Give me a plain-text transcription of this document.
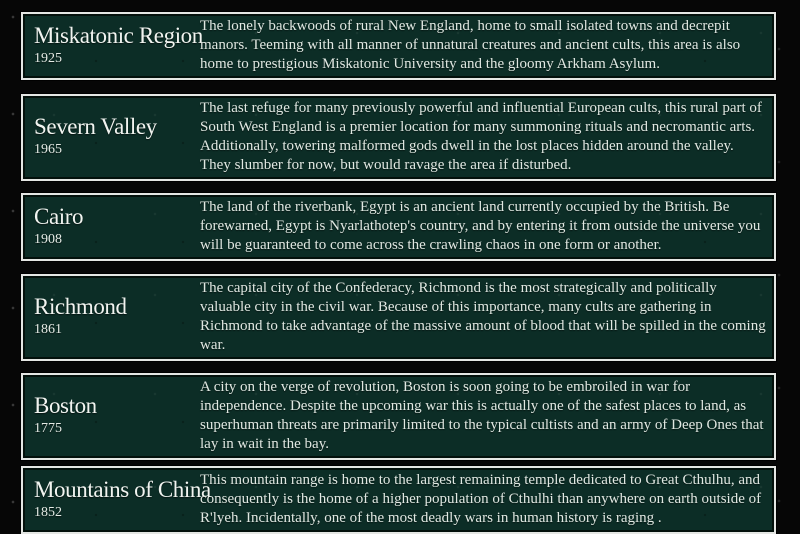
Miskatonic Region
1925
The lonely backwoods of rural New England, home to small isolated towns and decrepit manors. Teeming with all manner of unnatural creatures and ancient cults, this area is also home to prestigious Miskatonic University and the gloomy Arkham Asylum.
Severn Valley
1965
The last refuge for many previously powerful and influential European cults, this rural part of South West England is a premier location for many summoning rituals and necromantic arts. Additionally, towering malformed gods dwell in the lost places hidden around the valley. They slumber for now, but would ravage the area if disturbed.
Cairo
1908
The land of the riverbank, Egypt is an ancient land currently occupied by the British. Be forewarned, Egypt is Nyarlathotep's country, and by entering it from outside the universe you will be guaranteed to come across the crawling chaos in one form or another.
Richmond
1861
The capital city of the Confederacy, Richmond is the most strategically and politically valuable city in the civil war. Because of this importance, many cults are gathering in Richmond to take advantage of the massive amount of blood that will be spilled in the coming war.
Boston
1775
A city on the verge of revolution, Boston is soon going to be embroiled in war for independence. Despite the upcoming war this is actually one of the safest places to land, as superhuman threats are primarily limited to the typical cultists and an army of Deep Ones that lay in wait in the bay.
Mountains of China
1852
This mountain range is home to the largest remaining temple dedicated to Great Cthulhu, and consequently is the home of a higher population of Cthulhi than anywhere on earth outside of R'lyeh. Incidentally, one of the most deadly wars in human history is raging .
